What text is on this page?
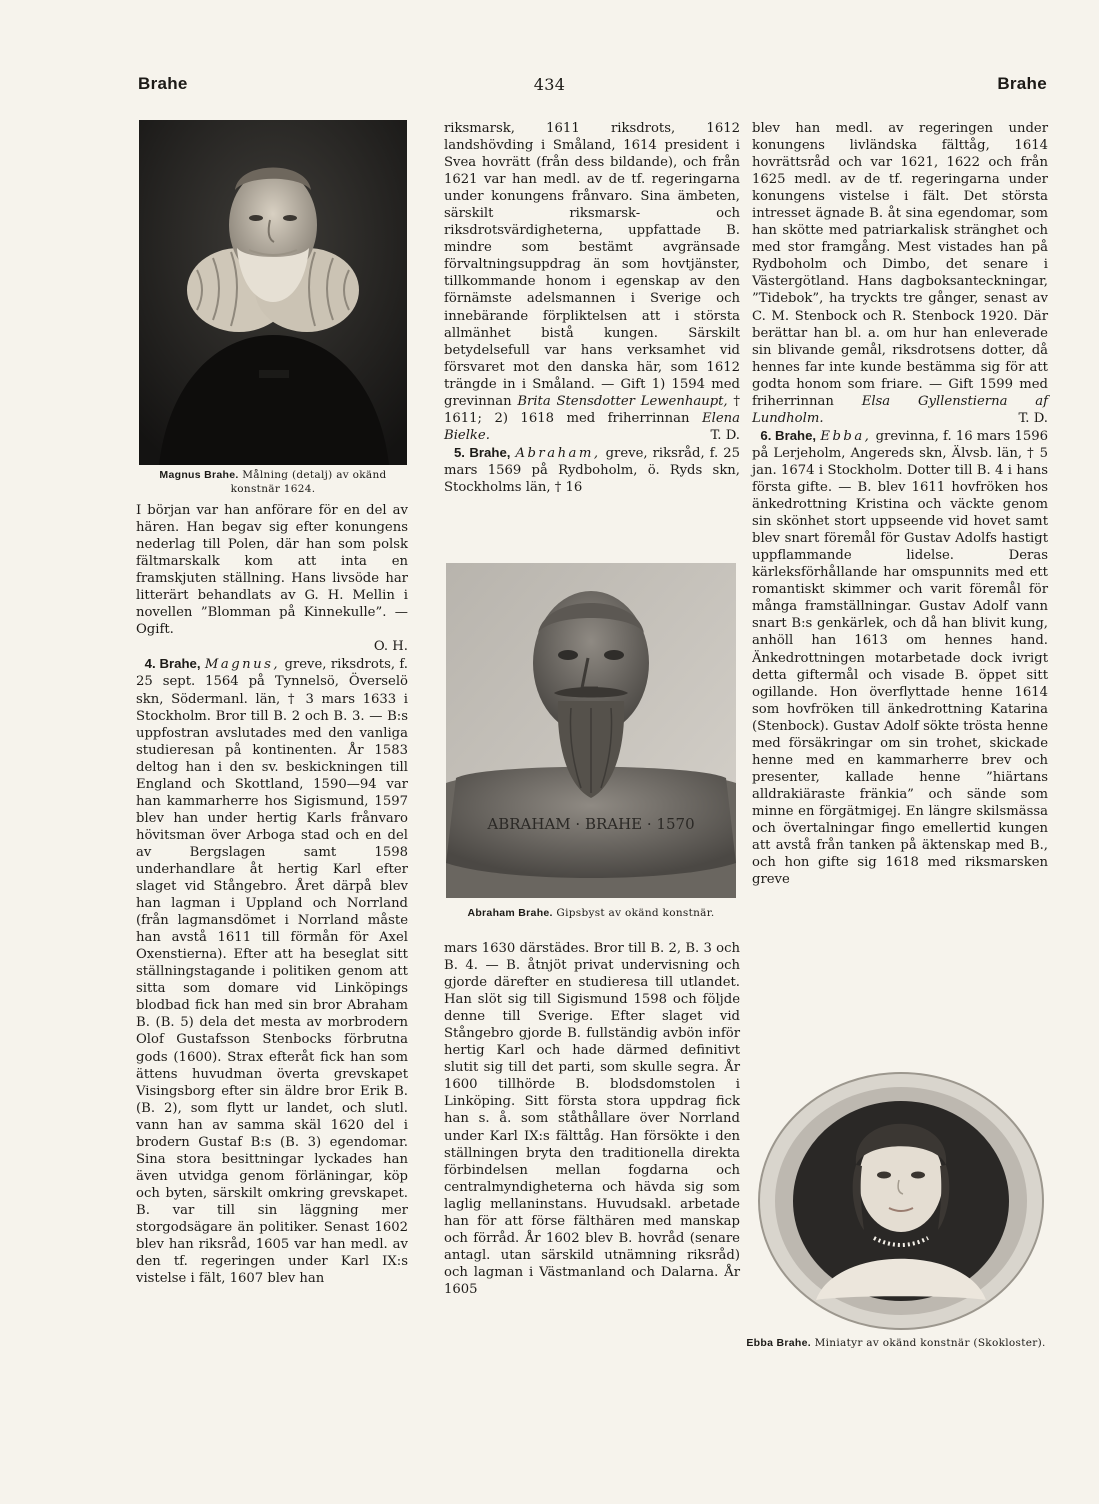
Brahe	434	Brahe
Magnus Brahe. Målning (detalj) av okänd konstnär 1624.

I början var han anförare för en del av hären. Han begav sig efter konungens nederlag till Polen, där han som polsk fältmarskalk kom att inta en framskjuten ställning. Hans livsöde har litterärt behandlats av G. H. Mellin i novellen ”Blomman på Kinnekulle”. — Ogift.

O. H.

4. Brahe, Magnus, greve, riksdrots, f. 25 sept. 1564 på Tynnelsö, Överselö skn, Södermanl. län, † 3 mars 1633 i Stockholm. Bror till B. 2 och B. 3. — B:s uppfostran avslutades med den vanliga studieresan på kontinenten. År 1583 deltog han i den sv. beskickningen till England och Skottland, 1590—94 var han kammarherre hos Sigismund, 1597 blev han under hertig Karls frånvaro hövitsman över Arboga stad och en del av Bergslagen samt 1598 underhandlare åt hertig Karl efter slaget vid Stångebro. Året därpå blev han lagman i Uppland och Norrland (från lagmansdömet i Norrland måste han avstå 1611 till förmån för Axel Oxenstierna). Efter att ha beseglat sitt ställningstagande i politiken genom att sitta som domare vid Linköpings blodbad fick han med sin bror Abraham B. (B. 5) dela det mesta av morbrodern Olof Gustafsson Stenbocks förbrutna gods (1600). Strax efteråt fick han som ättens huvudman överta grevskapet Visingsborg efter sin äldre bror Erik B. (B. 2), som flytt ur landet, och slutl. vann han av samma skäl 1620 del i brodern Gustaf B:s (B. 3) egendomar. Sina stora besittningar lyckades han även utvidga genom förläningar, köp och byten, särskilt omkring grevskapet. B. var till sin läggning mer storgodsägare än politiker. Senast 1602 blev han riksråd, 1605 var han medl. av den tf. regeringen under Karl IX:s vistelse i fält, 1607 blev han

riksmarsk, 1611 riksdrots, 1612 landshövding i Småland, 1614 president i Svea hovrätt (från dess bildande), och från 1621 var han medl. av de tf. regeringarna under konungens frånvaro. Sina ämbeten, särskilt riksmarsk- och riksdrotsvärdigheterna, uppfattade B. mindre som bestämt avgränsade förvaltningsuppdrag än som hovtjänster, tillkommande honom i egenskap av den förnämste adelsmannen i Sverige och innebärande förpliktelsen att i största allmänhet bistå kungen. Särskilt betydelsefull var hans verksamhet vid försvaret mot den danska här, som 1612 trängde in i Småland. — Gift 1) 1594 med grevinnan Brita Stensdotter Lewenhaupt, † 1611; 2) 1618 med friherrinnan Elena Bielke.	T. D.

5. Brahe, Abraham, greve, riksråd, f. 25 mars 1569 på Rydboholm, ö. Ryds skn, Stockholms län, † 16

ABRAHAM · BRAHE · 1570
Abraham Brahe. Gipsbyst av okänd konstnär.

mars 1630 därstädes. Bror till B. 2, B. 3 och B. 4. — B. åtnjöt privat undervisning och gjorde därefter en studieresa till utlandet. Han slöt sig till Sigismund 1598 och följde denne till Sverige. Efter slaget vid Stångebro gjorde B. fullständig avbön inför hertig Karl och hade därmed definitivt slutit sig till det parti, som skulle segra. År 1600 tillhörde B. blodsdomstolen i Linköping. Sitt första stora uppdrag fick han s. å. som ståthållare över Norrland under Karl IX:s fälttåg. Han försökte i den ställningen bryta den traditionella direkta förbindelsen mellan fogdarna och centralmyndigheterna och hävda sig som laglig mellaninstans. Huvudsakl. arbetade han för att förse fälthären med manskap och förråd. År 1602 blev B. hovråd (senare antagl. utan särskild utnämning riksråd) och lagman i Västmanland och Dalarna. År 1605

blev han medl. av regeringen under konungens livländska fälttåg, 1614 hovrättsråd och var 1621, 1622 och från 1625 medl. av de tf. regeringarna under konungens vistelse i fält. Det största intresset ägnade B. åt sina egendomar, som han skötte med patriarkalisk stränghet och med stor framgång. Mest vistades han på Rydboholm och Dimbo, det senare i Västergötland. Hans dagboksanteckningar, ”Tidebok”, ha tryckts tre gånger, senast av C. M. Stenbock och R. Stenbock 1920. Där berättar han bl. a. om hur han enleverade sin blivande gemål, riksdrotsens dotter, då hennes far inte kunde bestämma sig för att godta honom som friare. — Gift 1599 med friherrinnan Elsa Gyllenstierna af Lundholm.	T. D.

6. Brahe, Ebba, grevinna, f. 16 mars 1596 på Lerjeholm, Angereds skn, Älvsb. län, † 5 jan. 1674 i Stockholm. Dotter till B. 4 i hans första gifte. — B. blev 1611 hovfröken hos änkedrottning Kristina och väckte genom sin skönhet stort uppseende vid hovet samt blev snart föremål för Gustav Adolfs hastigt uppflammande lidelse. Deras kärleksförhållande har omspunnits med ett romantiskt skimmer och varit föremål för många framställningar. Gustav Adolf vann snart B:s genkärlek, och då han blivit kung, anhöll han 1613 om hennes hand. Änkedrottningen motarbetade dock ivrigt detta giftermål och visade B. öppet sitt ogillande. Hon överflyttade henne 1614 som hovfröken till änkedrottning Katarina (Stenbock). Gustav Adolf sökte trösta henne med försäkringar om sin trohet, skickade henne med en kammarherre brev och presenter, kallade henne ”hiärtans alldrakiäraste fränkia” och sände som minne en förgätmigej. En längre skilsmässa och övertalningar fingo emellertid kungen att avstå från tanken på äktenskap med B., och hon gifte sig 1618 med riksmarsken greve

Ebba Brahe. Miniatyr av okänd konstnär (Skokloster).
